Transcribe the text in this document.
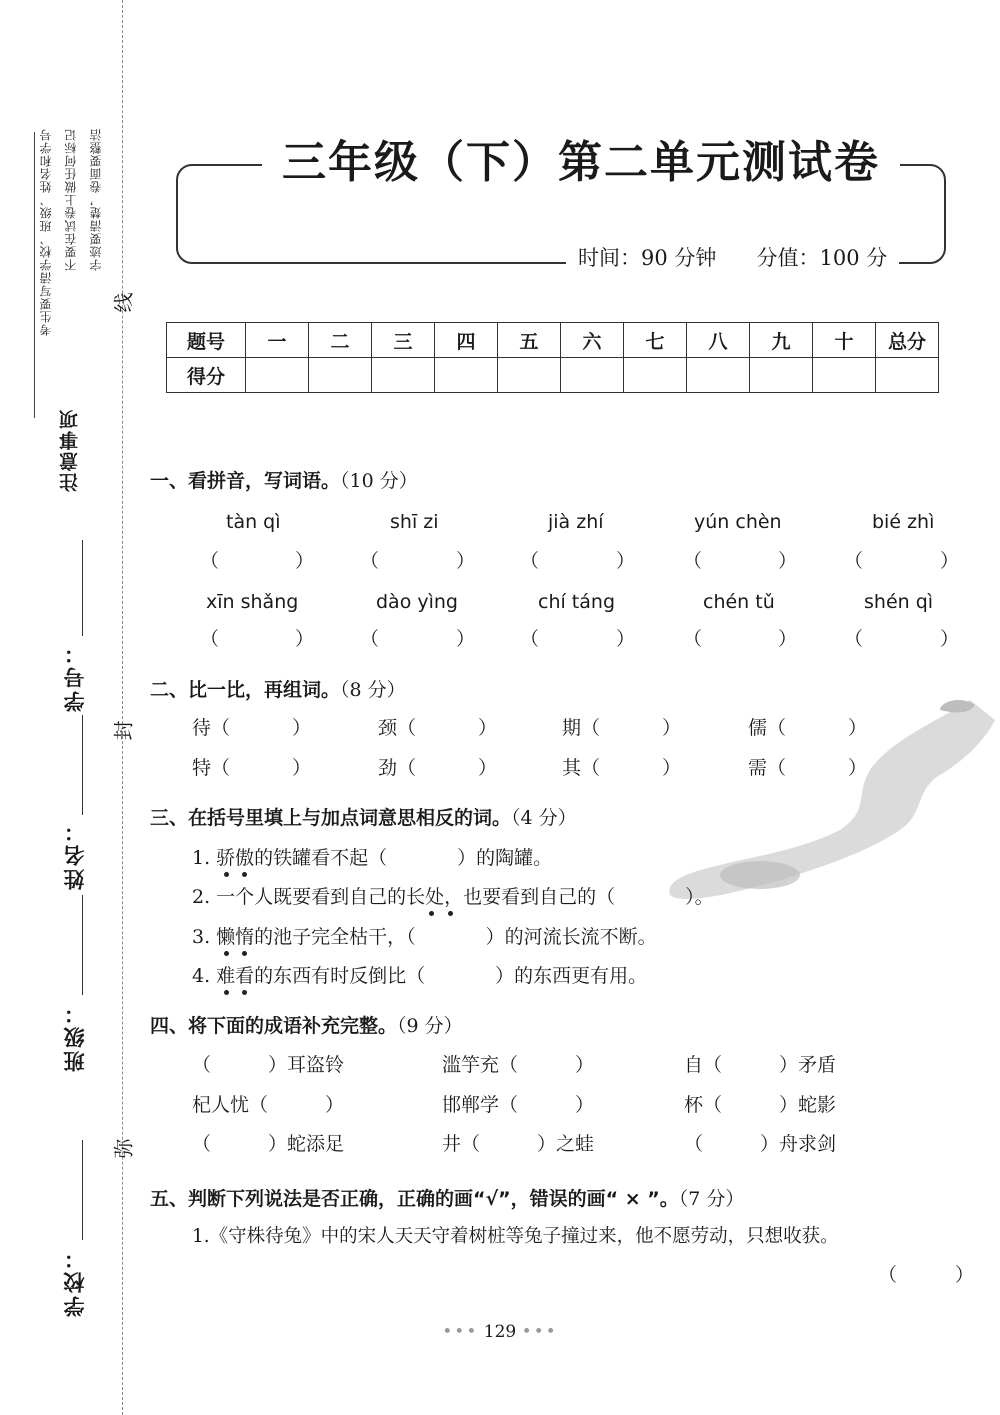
考生要写清学校、班级、姓名和学号 不要在试卷上做任何标记 字迹要清楚，卷面要整洁
注意事项
线
封
弥
学号：
姓名：
班级：
学校：
三年级（下）第二单元测试卷
时间：90 分钟 分值：100 分
题号	一	二	三	四	五	六	七	八	九	十	总分
得分											
一、看拼音，写词语。（10 分）
tàn qì	shī zi	jià zhí	yún chèn	bié zhì
（	） （	） （	）	（	） （	）
xīn shǎng	dào yìng	chí táng	chén tǔ	shén qì
（	） （	） （	）	（	） （	）
二、比一比，再组词。（8 分）
待（	）	颈（	）	期（	）	儒（	）
特（	）	劲（	）	其（	）	需（	）
三、在括号里填上与加点词意思相反的词。（4 分）
1. 骄傲的铁罐看不起（	）的陶罐。
2. 一个人既要看到自己的长处，也要看到自己的（	）。
3. 懒惰的池子完全枯干，（	）的河流长流不断。
4. 难看的东西有时反倒比（	）的东西更有用。
四、将下面的成语补充完整。（9 分）
（　　　）耳盗铃	滥竽充（　　　）	自（　　　）矛盾
杞人忧（　　　）	邯郸学（　　　）	杯（　　　）蛇影
（　　　）蛇添足	井（　　　）之蛙	（　　　）舟求剑
五、判断下列说法是否正确，正确的画“√”，错误的画“ × ”。（7 分）
1.《守株待兔》中的宋人天天守着树桩等兔子撞过来，他不愿劳动，只想收获。
（	）
••• 129 •••
